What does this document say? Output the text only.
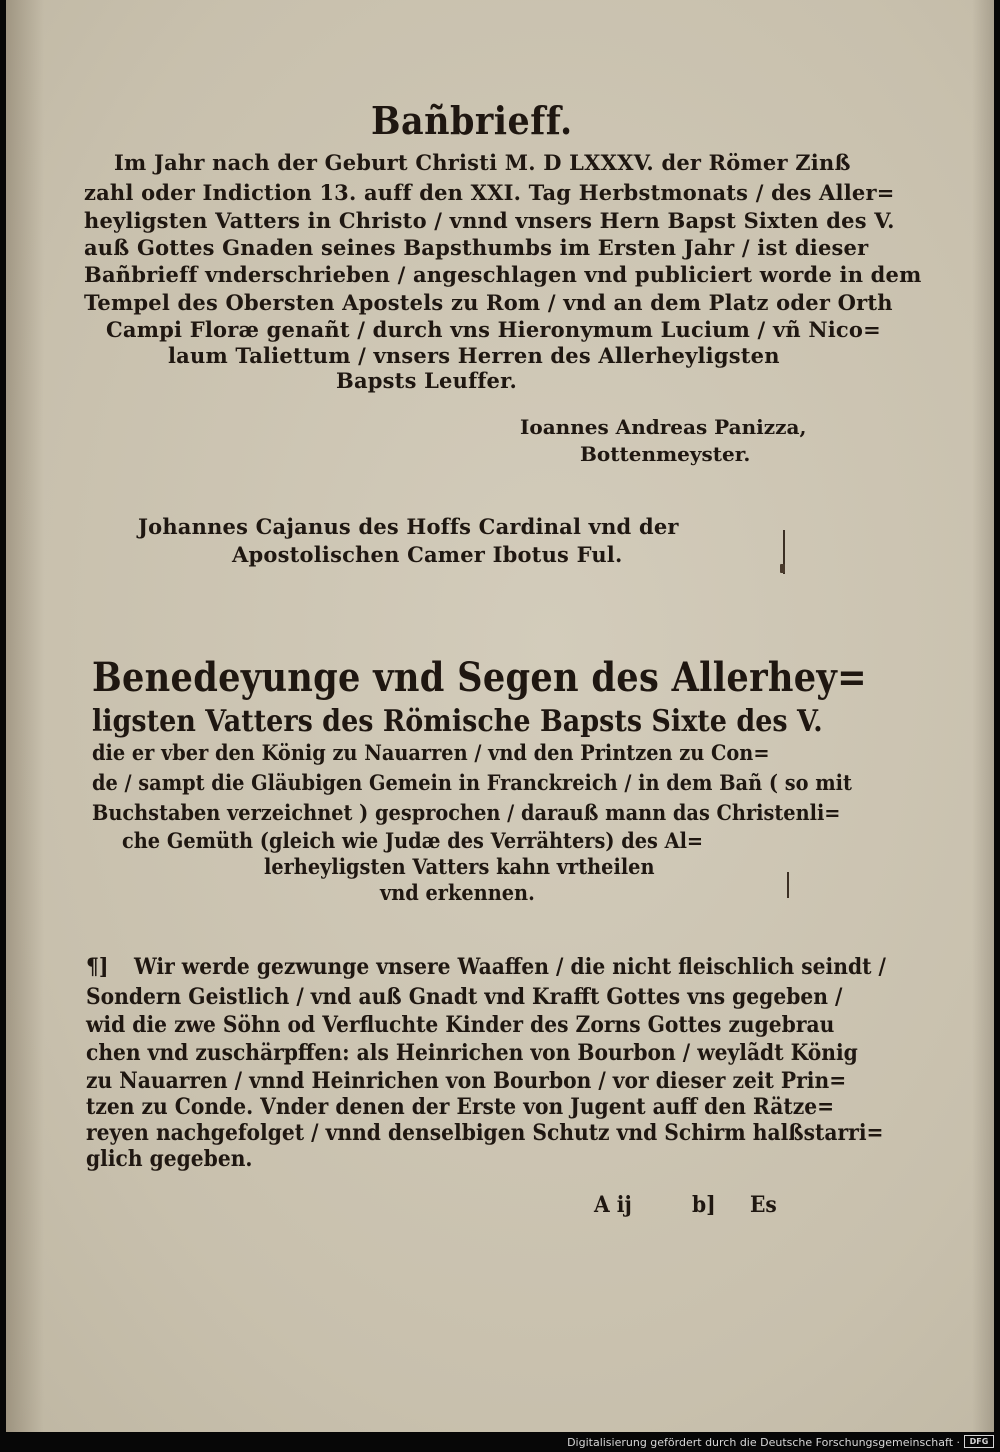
Bañbrieff.
Im Jahr nach der Geburt Christi M. D LXXXV. der Römer Zinß
zahl oder Indiction 13. auff den XXI. Tag Herbstmonats / des Aller=
heyligsten Vatters in Christo / vnnd vnsers Hern Bapst Sixten des V.
auß Gottes Gnaden seines Bapsthumbs im Ersten Jahr / ist dieser
Bañbrieff vnderschrieben / angeschlagen vnd publiciert worde in dem
Tempel des Obersten Apostels zu Rom / vnd an dem Platz oder Orth
Campi Floræ genañt / durch vns Hieronymum Lucium / vñ Nico=
laum Taliettum / vnsers Herren des Allerheyligsten
Bapsts Leuffer.
Ioannes Andreas Panizza,
Bottenmeyster.
Johannes Cajanus des Hoffs Cardinal vnd der
Apostolischen Camer Ibotus Ful.
Benedeyunge vnd Segen des Allerhey=
ligsten Vatters des Römische Bapsts Sixte des V.
die er vber den König zu Nauarren / vnd den Printzen zu Con=
de / sampt die Gläubigen Gemein in Franckreich / in dem Bañ ( so mit
Buchstaben verzeichnet ) gesprochen / darauß mann das Christenli=
che Gemüth (gleich wie Judæ des Verrähters) des Al=
lerheyligsten Vatters kahn vrtheilen
vnd erkennen.
¶] Wir werde gezwunge vnsere Waaffen / die nicht fleischlich seindt /
Sondern Geistlich / vnd auß Gnadt vnd Krafft Gottes vns gegeben /
wid die zwe Söhn od Verfluchte Kinder des Zorns Gottes zugebrau
chen vnd zuschärpffen: als Heinrichen von Bourbon / weylãdt König
zu Nauarren / vnnd Heinrichen von Bourbon / vor dieser zeit Prin=
tzen zu Conde. Vnder denen der Erste von Jugent auff den Rätze=
reyen nachgefolget / vnnd denselbigen Schutz vnd Schirm halßstarri=
glich gegeben.
A ij	b] Es
Digitalisierung gefördert durch die Deutsche Forschungsgemeinschaft ·	DFG
